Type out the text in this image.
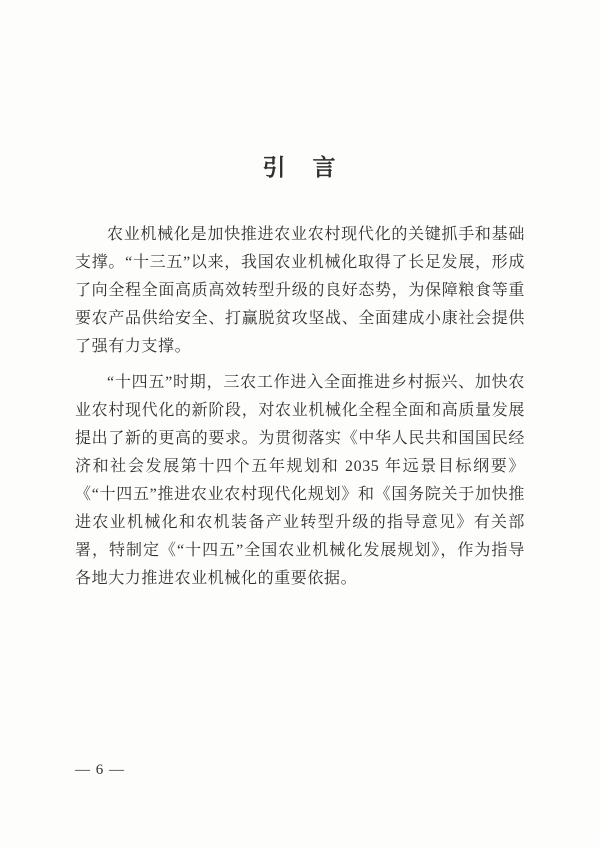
引　言

农业机械化是加快推进农业农村现代化的关键抓手和基础支撑。“十三五”以来，我国农业机械化取得了长足发展，形成了向全程全面高质高效转型升级的良好态势，为保障粮食等重要农产品供给安全、打赢脱贫攻坚战、全面建成小康社会提供了强有力支撑。

“十四五”时期，三农工作进入全面推进乡村振兴、加快农业农村现代化的新阶段，对农业机械化全程全面和高质量发展提出了新的更高的要求。为贯彻落实《中华人民共和国国民经济和社会发展第十四个五年规划和 2035 年远景目标纲要》《“十四五”推进农业农村现代化规划》和《国务院关于加快推进农业机械化和农机装备产业转型升级的指导意见》有关部署，特制定《“十四五”全国农业机械化发展规划》，作为指导各地大力推进农业机械化的重要依据。

— 6 —
